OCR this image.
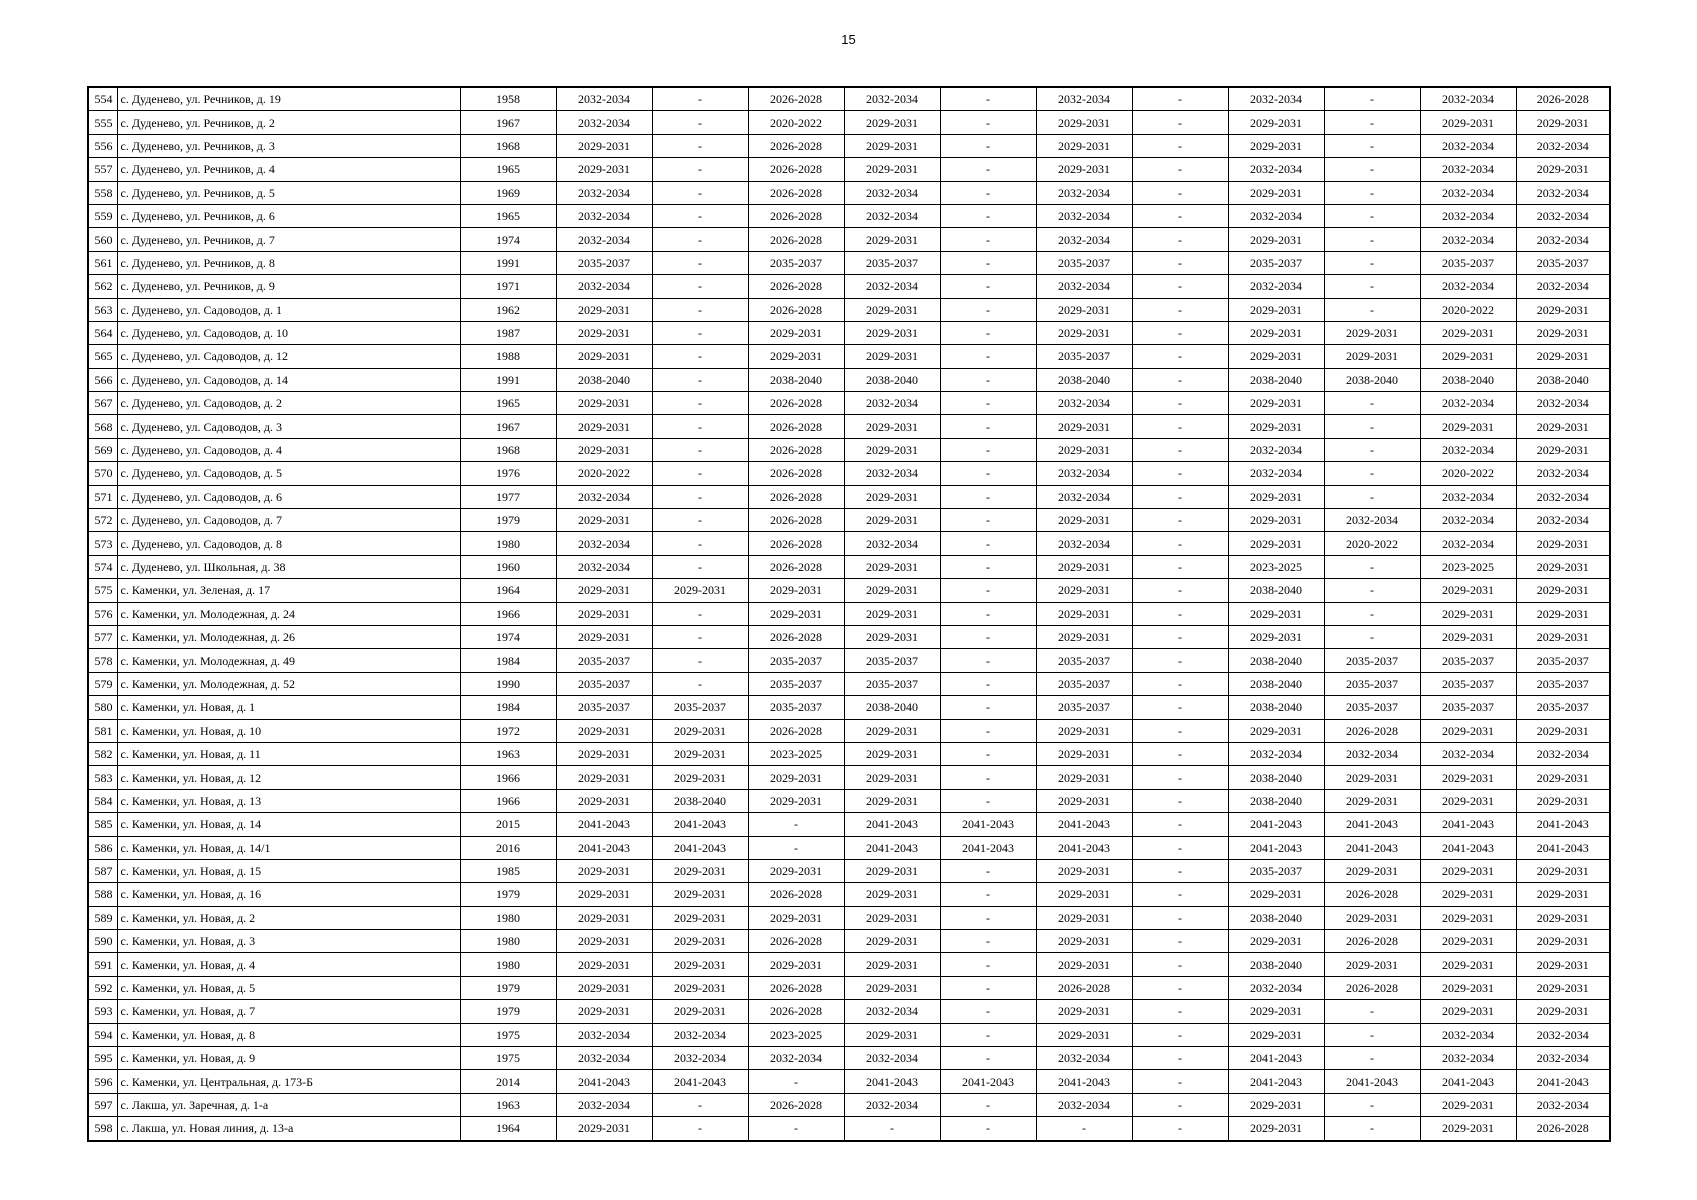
15
554	с. Дуденево, ул. Речников, д. 19	1958	2032-2034	-	2026-2028	2032-2034	-	2032-2034	-	2032-2034	-	2032-2034	2026-2028
555	с. Дуденево, ул. Речников, д. 2	1967	2032-2034	-	2020-2022	2029-2031	-	2029-2031	-	2029-2031	-	2029-2031	2029-2031
556	с. Дуденево, ул. Речников, д. 3	1968	2029-2031	-	2026-2028	2029-2031	-	2029-2031	-	2029-2031	-	2032-2034	2032-2034
557	с. Дуденево, ул. Речников, д. 4	1965	2029-2031	-	2026-2028	2029-2031	-	2029-2031	-	2032-2034	-	2032-2034	2029-2031
558	с. Дуденево, ул. Речников, д. 5	1969	2032-2034	-	2026-2028	2032-2034	-	2032-2034	-	2029-2031	-	2032-2034	2032-2034
559	с. Дуденево, ул. Речников, д. 6	1965	2032-2034	-	2026-2028	2032-2034	-	2032-2034	-	2032-2034	-	2032-2034	2032-2034
560	с. Дуденево, ул. Речников, д. 7	1974	2032-2034	-	2026-2028	2029-2031	-	2032-2034	-	2029-2031	-	2032-2034	2032-2034
561	с. Дуденево, ул. Речников, д. 8	1991	2035-2037	-	2035-2037	2035-2037	-	2035-2037	-	2035-2037	-	2035-2037	2035-2037
562	с. Дуденево, ул. Речников, д. 9	1971	2032-2034	-	2026-2028	2032-2034	-	2032-2034	-	2032-2034	-	2032-2034	2032-2034
563	с. Дуденево, ул. Садоводов, д. 1	1962	2029-2031	-	2026-2028	2029-2031	-	2029-2031	-	2029-2031	-	2020-2022	2029-2031
564	с. Дуденево, ул. Садоводов, д. 10	1987	2029-2031	-	2029-2031	2029-2031	-	2029-2031	-	2029-2031	2029-2031	2029-2031	2029-2031
565	с. Дуденево, ул. Садоводов, д. 12	1988	2029-2031	-	2029-2031	2029-2031	-	2035-2037	-	2029-2031	2029-2031	2029-2031	2029-2031
566	с. Дуденево, ул. Садоводов, д. 14	1991	2038-2040	-	2038-2040	2038-2040	-	2038-2040	-	2038-2040	2038-2040	2038-2040	2038-2040
567	с. Дуденево, ул. Садоводов, д. 2	1965	2029-2031	-	2026-2028	2032-2034	-	2032-2034	-	2029-2031	-	2032-2034	2032-2034
568	с. Дуденево, ул. Садоводов, д. 3	1967	2029-2031	-	2026-2028	2029-2031	-	2029-2031	-	2029-2031	-	2029-2031	2029-2031
569	с. Дуденево, ул. Садоводов, д. 4	1968	2029-2031	-	2026-2028	2029-2031	-	2029-2031	-	2032-2034	-	2032-2034	2029-2031
570	с. Дуденево, ул. Садоводов, д. 5	1976	2020-2022	-	2026-2028	2032-2034	-	2032-2034	-	2032-2034	-	2020-2022	2032-2034
571	с. Дуденево, ул. Садоводов, д. 6	1977	2032-2034	-	2026-2028	2029-2031	-	2032-2034	-	2029-2031	-	2032-2034	2032-2034
572	с. Дуденево, ул. Садоводов, д. 7	1979	2029-2031	-	2026-2028	2029-2031	-	2029-2031	-	2029-2031	2032-2034	2032-2034	2032-2034
573	с. Дуденево, ул. Садоводов, д. 8	1980	2032-2034	-	2026-2028	2032-2034	-	2032-2034	-	2029-2031	2020-2022	2032-2034	2029-2031
574	с. Дуденево, ул. Школьная, д. 38	1960	2032-2034	-	2026-2028	2029-2031	-	2029-2031	-	2023-2025	-	2023-2025	2029-2031
575	с. Каменки, ул. Зеленая, д. 17	1964	2029-2031	2029-2031	2029-2031	2029-2031	-	2029-2031	-	2038-2040	-	2029-2031	2029-2031
576	с. Каменки, ул. Молодежная, д. 24	1966	2029-2031	-	2029-2031	2029-2031	-	2029-2031	-	2029-2031	-	2029-2031	2029-2031
577	с. Каменки, ул. Молодежная, д. 26	1974	2029-2031	-	2026-2028	2029-2031	-	2029-2031	-	2029-2031	-	2029-2031	2029-2031
578	с. Каменки, ул. Молодежная, д. 49	1984	2035-2037	-	2035-2037	2035-2037	-	2035-2037	-	2038-2040	2035-2037	2035-2037	2035-2037
579	с. Каменки, ул. Молодежная, д. 52	1990	2035-2037	-	2035-2037	2035-2037	-	2035-2037	-	2038-2040	2035-2037	2035-2037	2035-2037
580	с. Каменки, ул. Новая, д. 1	1984	2035-2037	2035-2037	2035-2037	2038-2040	-	2035-2037	-	2038-2040	2035-2037	2035-2037	2035-2037
581	с. Каменки, ул. Новая, д. 10	1972	2029-2031	2029-2031	2026-2028	2029-2031	-	2029-2031	-	2029-2031	2026-2028	2029-2031	2029-2031
582	с. Каменки, ул. Новая, д. 11	1963	2029-2031	2029-2031	2023-2025	2029-2031	-	2029-2031	-	2032-2034	2032-2034	2032-2034	2032-2034
583	с. Каменки, ул. Новая, д. 12	1966	2029-2031	2029-2031	2029-2031	2029-2031	-	2029-2031	-	2038-2040	2029-2031	2029-2031	2029-2031
584	с. Каменки, ул. Новая, д. 13	1966	2029-2031	2038-2040	2029-2031	2029-2031	-	2029-2031	-	2038-2040	2029-2031	2029-2031	2029-2031
585	с. Каменки, ул. Новая, д. 14	2015	2041-2043	2041-2043	-	2041-2043	2041-2043	2041-2043	-	2041-2043	2041-2043	2041-2043	2041-2043
586	с. Каменки, ул. Новая, д. 14/1	2016	2041-2043	2041-2043	-	2041-2043	2041-2043	2041-2043	-	2041-2043	2041-2043	2041-2043	2041-2043
587	с. Каменки, ул. Новая, д. 15	1985	2029-2031	2029-2031	2029-2031	2029-2031	-	2029-2031	-	2035-2037	2029-2031	2029-2031	2029-2031
588	с. Каменки, ул. Новая, д. 16	1979	2029-2031	2029-2031	2026-2028	2029-2031	-	2029-2031	-	2029-2031	2026-2028	2029-2031	2029-2031
589	с. Каменки, ул. Новая, д. 2	1980	2029-2031	2029-2031	2029-2031	2029-2031	-	2029-2031	-	2038-2040	2029-2031	2029-2031	2029-2031
590	с. Каменки, ул. Новая, д. 3	1980	2029-2031	2029-2031	2026-2028	2029-2031	-	2029-2031	-	2029-2031	2026-2028	2029-2031	2029-2031
591	с. Каменки, ул. Новая, д. 4	1980	2029-2031	2029-2031	2029-2031	2029-2031	-	2029-2031	-	2038-2040	2029-2031	2029-2031	2029-2031
592	с. Каменки, ул. Новая, д. 5	1979	2029-2031	2029-2031	2026-2028	2029-2031	-	2026-2028	-	2032-2034	2026-2028	2029-2031	2029-2031
593	с. Каменки, ул. Новая, д. 7	1979	2029-2031	2029-2031	2026-2028	2032-2034	-	2029-2031	-	2029-2031	-	2029-2031	2029-2031
594	с. Каменки, ул. Новая, д. 8	1975	2032-2034	2032-2034	2023-2025	2029-2031	-	2029-2031	-	2029-2031	-	2032-2034	2032-2034
595	с. Каменки, ул. Новая, д. 9	1975	2032-2034	2032-2034	2032-2034	2032-2034	-	2032-2034	-	2041-2043	-	2032-2034	2032-2034
596	с. Каменки, ул. Центральная, д. 173-Б	2014	2041-2043	2041-2043	-	2041-2043	2041-2043	2041-2043	-	2041-2043	2041-2043	2041-2043	2041-2043
597	с. Лакша, ул. Заречная, д. 1-а	1963	2032-2034	-	2026-2028	2032-2034	-	2032-2034	-	2029-2031	-	2029-2031	2032-2034
598	с. Лакша, ул. Новая линия, д. 13-а	1964	2029-2031	-	-	-	-	-	-	2029-2031	-	2029-2031	2026-2028
